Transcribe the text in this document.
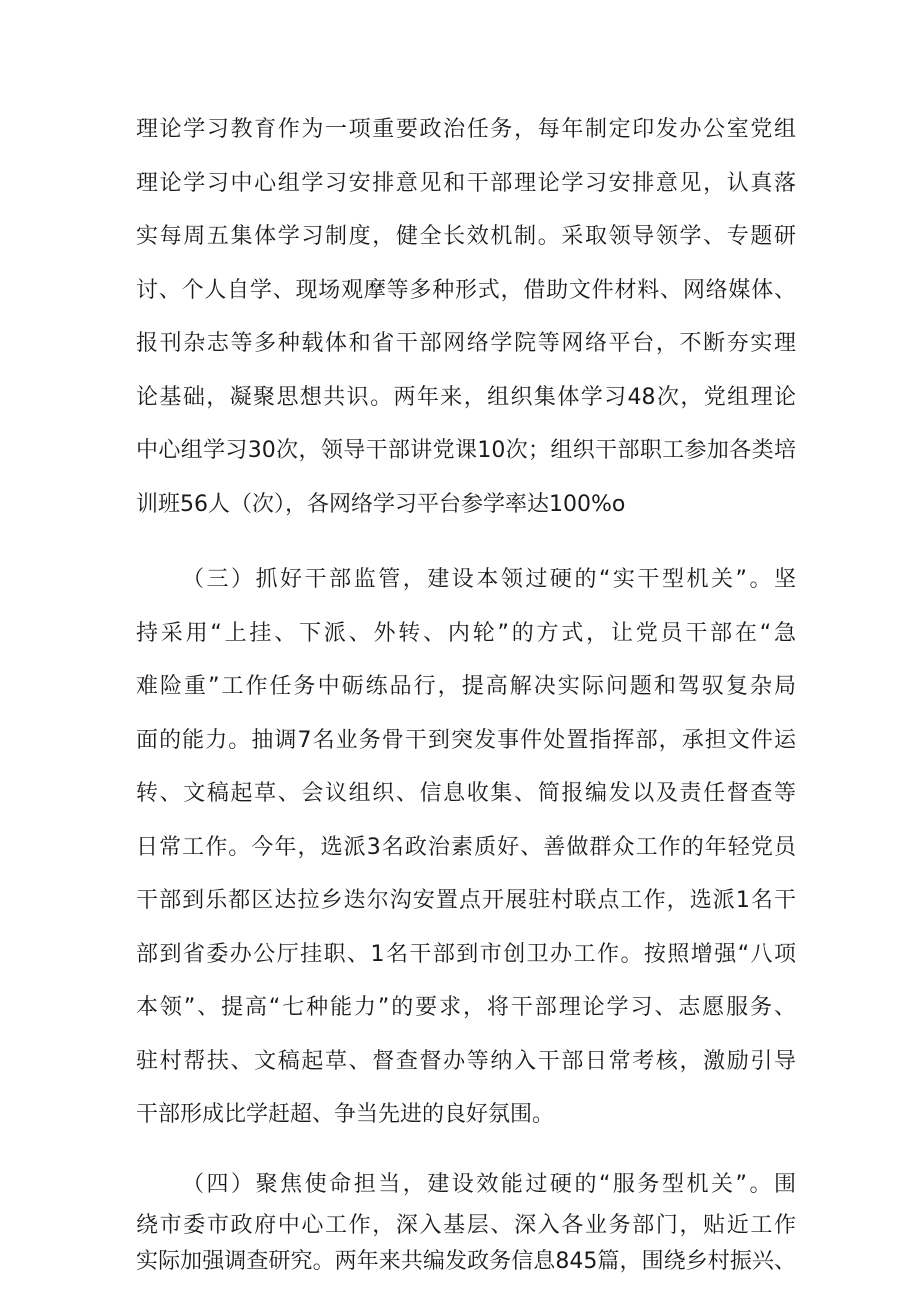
理论学习教育作为一项重要政治任务，每年制定印发办公室党组
理论学习中心组学习安排意见和干部理论学习安排意见，认真落
实每周五集体学习制度，健全长效机制。采取领导领学、专题研
讨、个人自学、现场观摩等多种形式，借助文件材料、网络媒体、
报刊杂志等多种载体和省干部网络学院等网络平台，不断夯实理
论基础，凝聚思想共识。两年来，组织集体学习48次，党组理论
中心组学习30次，领导干部讲党课10次；组织干部职工参加各类培
训班56人（次），各网络学习平台参学率达100%o
（三）抓好干部监管，建设本领过硬的“实干型机关”。坚
持采用“上挂、下派、外转、内轮”的方式，让党员干部在“急
难险重”工作任务中砺练品行，提高解决实际问题和驾驭复杂局
面的能力。抽调7名业务骨干到突发事件处置指挥部，承担文件运
转、文稿起草、会议组织、信息收集、简报编发以及责任督查等
日常工作。今年，选派3名政治素质好、善做群众工作的年轻党员
干部到乐都区达拉乡迭尔沟安置点开展驻村联点工作，选派1名干
部到省委办公厅挂职、1名干部到市创卫办工作。按照增强“八项
本领”、提高“七种能力”的要求，将干部理论学习、志愿服务、
驻村帮扶、文稿起草、督查督办等纳入干部日常考核，激励引导
干部形成比学赶超、争当先进的良好氛围。
（四）聚焦使命担当，建设效能过硬的“服务型机关”。围
绕市委市政府中心工作，深入基层、深入各业务部门，贴近工作
实际加强调查研究。两年来共编发政务信息845篇，围绕乡村振兴、
